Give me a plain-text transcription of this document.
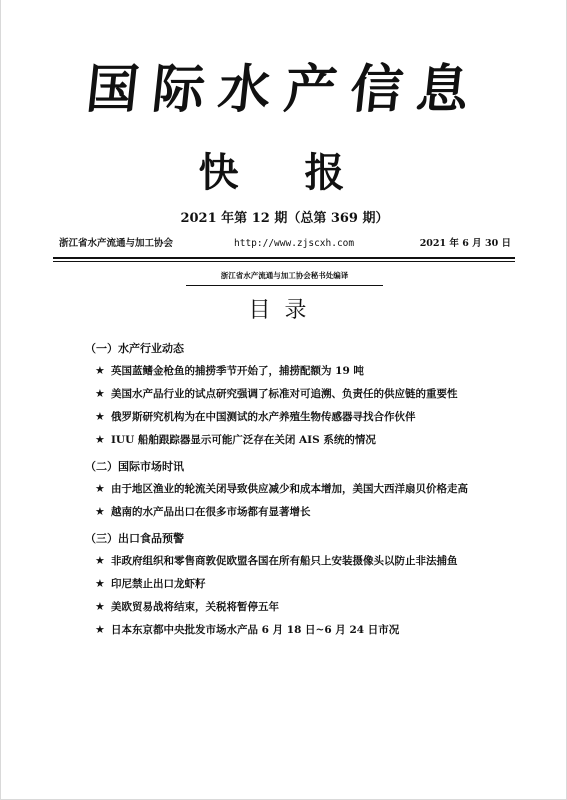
国际水产信息
快 报
2021 年第 12 期（总第 369 期）
浙江省水产流通与加工协会	http://www.zjscxh.com	2021 年 6 月 30 日
浙江省水产流通与加工协会秘书处编译
目录
（一）水产行业动态
★ 英国蓝鳍金枪鱼的捕捞季节开始了，捕捞配额为 19 吨
★ 美国水产品行业的试点研究强调了标准对可追溯、负责任的供应链的重要性
★ 俄罗斯研究机构为在中国测试的水产养殖生物传感器寻找合作伙伴
★ IUU 船舶跟踪器显示可能广泛存在关闭 AIS 系统的情况
（二）国际市场时讯
★ 由于地区渔业的轮流关闭导致供应减少和成本增加，美国大西洋扇贝价格走高
★ 越南的水产品出口在很多市场都有显著增长
（三）出口食品预警
★ 非政府组织和零售商敦促欧盟各国在所有船只上安装摄像头以防止非法捕鱼
★ 印尼禁止出口龙虾籽
★ 美欧贸易战将结束，关税将暂停五年
★ 日本东京都中央批发市场水产品 6 月 18 日~6 月 24 日市况
